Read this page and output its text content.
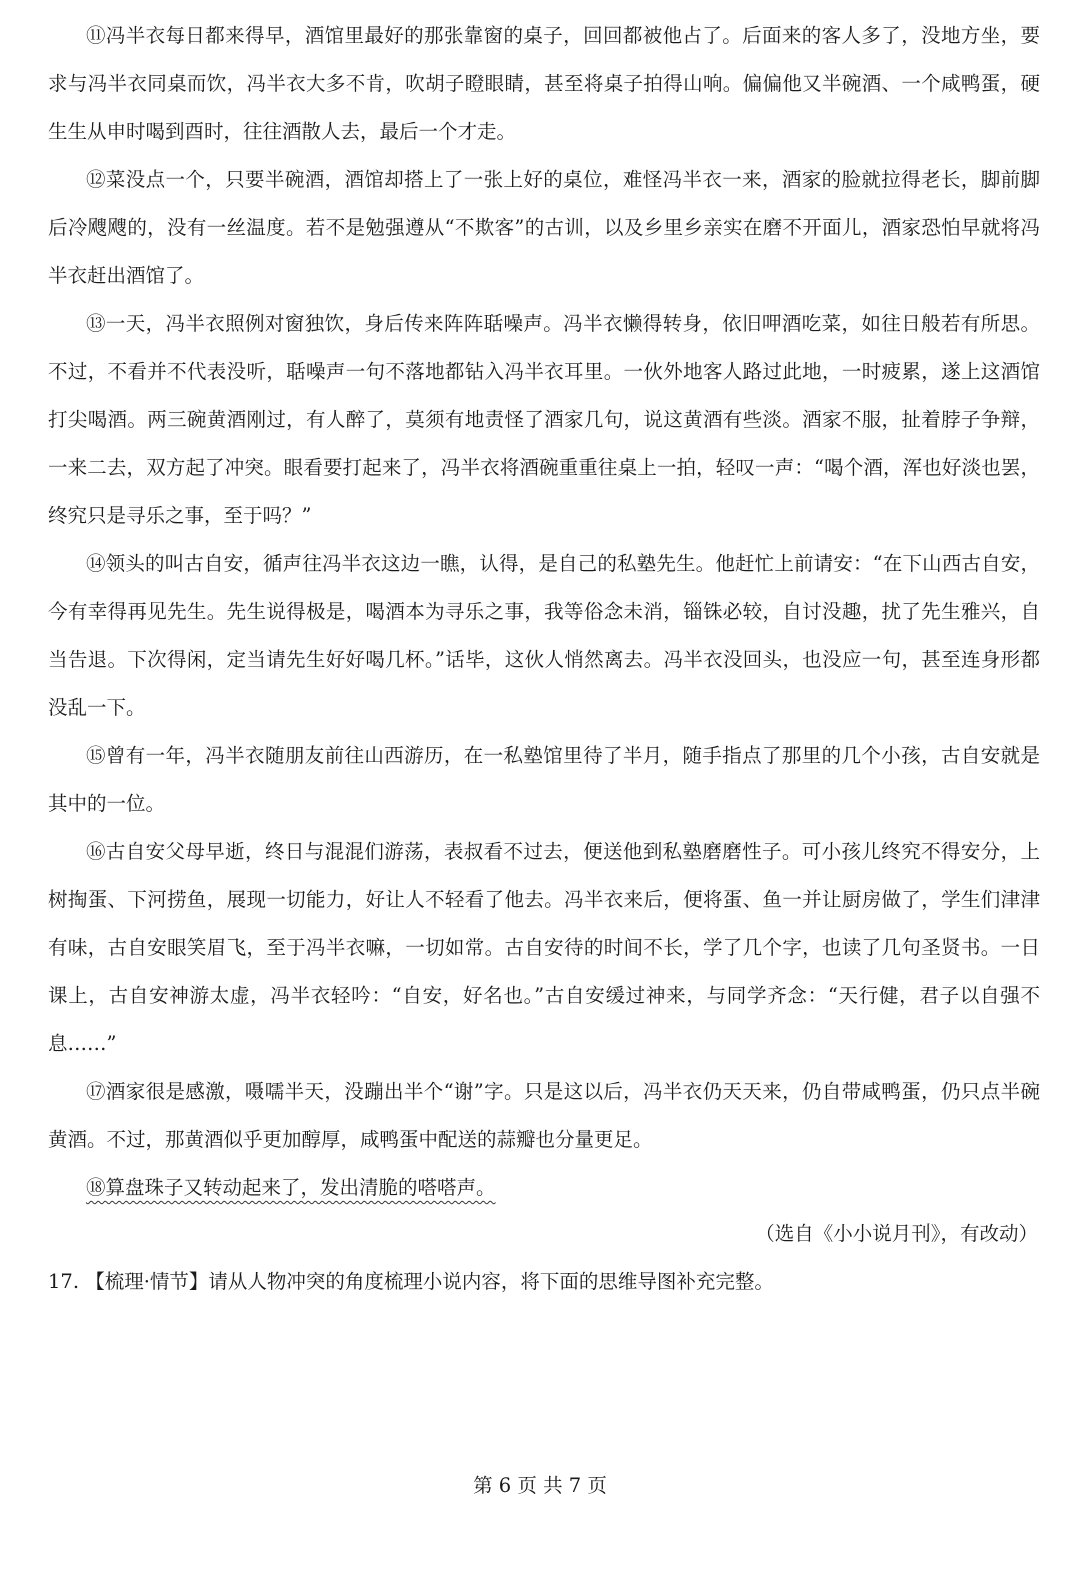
⑪冯半衣每日都来得早，酒馆里最好的那张靠窗的桌子，回回都被他占了。后面来的客人多了，没地方坐，要求与冯半衣同桌而饮，冯半衣大多不肯，吹胡子瞪眼睛，甚至将桌子拍得山响。偏偏他又半碗酒、一个咸鸭蛋，硬生生从申时喝到酉时，往往酒散人去，最后一个才走。

⑫菜没点一个，只要半碗酒，酒馆却搭上了一张上好的桌位，难怪冯半衣一来，酒家的脸就拉得老长，脚前脚后冷飕飕的，没有一丝温度。若不是勉强遵从“不欺客”的古训，以及乡里乡亲实在磨不开面儿，酒家恐怕早就将冯半衣赶出酒馆了。

⑬一天，冯半衣照例对窗独饮，身后传来阵阵聒噪声。冯半衣懒得转身，依旧呷酒吃菜，如往日般若有所思。不过，不看并不代表没听，聒噪声一句不落地都钻入冯半衣耳里。一伙外地客人路过此地，一时疲累，遂上这酒馆打尖喝酒。两三碗黄酒刚过，有人醉了，莫须有地责怪了酒家几句，说这黄酒有些淡。酒家不服，扯着脖子争辩，一来二去，双方起了冲突。眼看要打起来了，冯半衣将酒碗重重往桌上一拍，轻叹一声：“喝个酒，浑也好淡也罢，终究只是寻乐之事，至于吗？”

⑭领头的叫古自安，循声往冯半衣这边一瞧，认得，是自己的私塾先生。他赶忙上前请安：“在下山西古自安，今有幸得再见先生。先生说得极是，喝酒本为寻乐之事，我等俗念未消，锱铢必较，自讨没趣，扰了先生雅兴，自当告退。下次得闲，定当请先生好好喝几杯。”话毕，这伙人悄然离去。冯半衣没回头，也没应一句，甚至连身形都没乱一下。

⑮曾有一年，冯半衣随朋友前往山西游历，在一私塾馆里待了半月，随手指点了那里的几个小孩，古自安就是其中的一位。

⑯古自安父母早逝，终日与混混们游荡，表叔看不过去，便送他到私塾磨磨性子。可小孩儿终究不得安分，上树掏蛋、下河捞鱼，展现一切能力，好让人不轻看了他去。冯半衣来后，便将蛋、鱼一并让厨房做了，学生们津津有味，古自安眼笑眉飞，至于冯半衣嘛，一切如常。古自安待的时间不长，学了几个字，也读了几句圣贤书。一日课上，古自安神游太虚，冯半衣轻吟：“自安，好名也。”古自安缓过神来，与同学齐念：“天行健，君子以自强不息……”

⑰酒家很是感激，嗫嚅半天，没蹦出半个“谢”字。只是这以后，冯半衣仍天天来，仍自带咸鸭蛋，仍只点半碗黄酒。不过，那黄酒似乎更加醇厚，咸鸭蛋中配送的蒜瓣也分量更足。

⑱算盘珠子又转动起来了，发出清脆的嗒嗒声。

（选自《小小说月刊》，有改动）

17. 【梳理·情节】请从人物冲突的角度梳理小说内容，将下面的思维导图补充完整。

第 6 页 共 7 页
